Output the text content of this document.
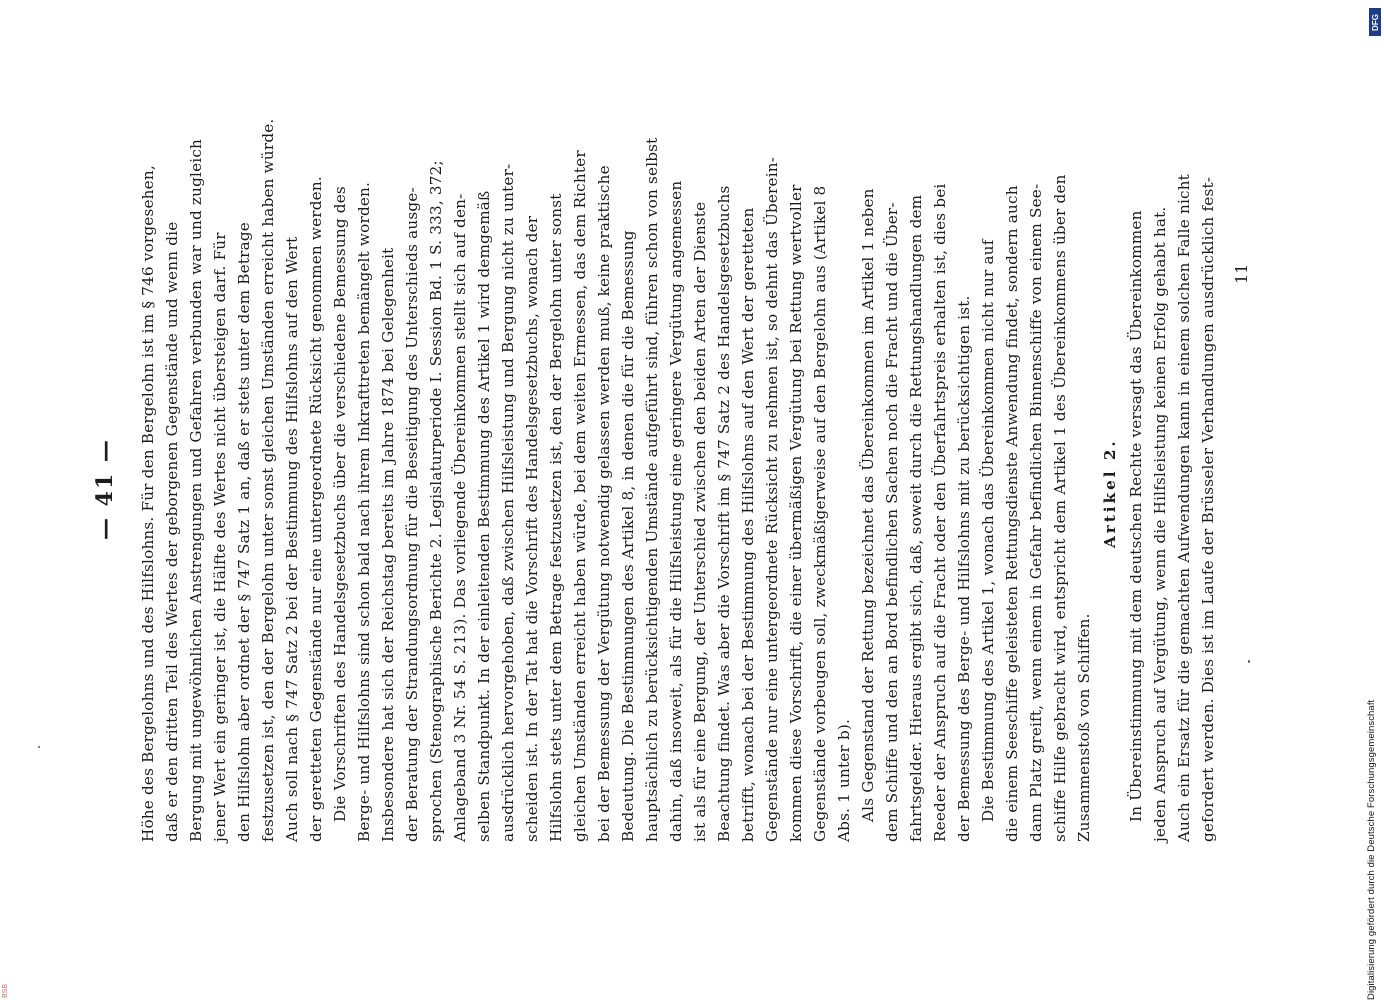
— 41 — Höhe des Bergelohns und des Hilfslohns. Für den Bergelohn ist im § 746 vorgesehen, daß er den dritten Teil des Wertes der geborgenen Gegenstände und wenn die Bergung mit ungewöhnlichen Anstrengungen und Gefahren verbunden war und zugleich jener Wert ein geringer ist, die Hälfte des Wertes nicht übersteigen darf. Für den Hilfslohn aber ordnet der § 747 Satz 1 an, daß er stets unter dem Betrage festzusetzen ist, den der Bergelohn unter sonst gleichen Umständen erreicht haben würde. Auch soll nach § 747 Satz 2 bei der Bestimmung des Hilfslohns auf den Wert der geretteten Gegenstände nur eine untergeordnete Rücksicht genommen werden. Die Vorschriften des Handelsgesetzbuchs über die verschiedene Bemessung des Berge- und Hilfslohns sind schon bald nach ihrem Inkrafttreten bemängelt worden. Insbesondere hat sich der Reichstag bereits im Jahre 1874 bei Gelegenheit der Beratung der Strandungsordnung für die Beseitigung des Unterschieds ausge- sprochen (Stenographische Berichte 2. Legislaturperiode I. Session Bd. 1 S. 333, 372; Anlageband 3 Nr. 54 S. 213). Das vorliegende Übereinkommen stellt sich auf den- selben Standpunkt. In der einleitenden Bestimmung des Artikel 1 wird demgemäß ausdrücklich hervorgehoben, daß zwischen Hilfsleistung und Bergung nicht zu unter- scheiden ist. In der Tat hat die Vorschrift des Handelsgesetzbuchs, wonach der Hilfslohn stets unter dem Betrage festzusetzen ist, den der Bergelohn unter sonst gleichen Umständen erreicht haben würde, bei dem weiten Ermessen, das dem Richter bei der Bemessung der Vergütung notwendig gelassen werden muß, keine praktische Bedeutung. Die Bestimmungen des Artikel 8, in denen die für die Bemessung hauptsächlich zu berücksichtigenden Umstände aufgeführt sind, führen schon von selbst dahin, daß insoweit, als für die Hilfsleistung eine geringere Vergütung angemessen ist als für eine Bergung, der Unterschied zwischen den beiden Arten der Dienste Beachtung findet. Was aber die Vorschrift im § 747 Satz 2 des Handelsgesetzbuchs betrifft, wonach bei der Bestimmung des Hilfslohns auf den Wert der geretteten Gegenstände nur eine untergeordnete Rücksicht zu nehmen ist, so dehnt das Überein- kommen diese Vorschrift, die einer übermäßigen Vergütung bei Rettung wertvoller Gegenstände vorbeugen soll, zweckmäßigerweise auf den Bergelohn aus (Artikel 8 Abs. 1 unter b). Als Gegenstand der Rettung bezeichnet das Übereinkommen im Artikel 1 neben dem Schiffe und den an Bord befindlichen Sachen noch die Fracht und die Über- fahrtsgelder. Hieraus ergibt sich, daß, soweit durch die Rettungshandlungen dem Reeder der Anspruch auf die Fracht oder den Überfahrtspreis erhalten ist, dies bei der Bemessung des Berge- und Hilfslohns mit zu berücksichtigen ist. Die Bestimmung des Artikel 1, wonach das Übereinkommen nicht nur auf die einem Seeschiffe geleisteten Rettungsdienste Anwendung findet, sondern auch dann Platz greift, wenn einem in Gefahr befindlichen Binnenschiffe von einem See- schiffe Hilfe gebracht wird, entspricht dem Artikel 1 des Übereinkommens über den Zusammenstoß von Schiffen.
Artikel 2. In Übereinstimmung mit dem deutschen Rechte versagt das Übereinkommen jeden Anspruch auf Vergütung, wenn die Hilfsleistung keinen Erfolg gehabt hat. Auch ein Ersatz für die gemachten Aufwendungen kann in einem solchen Falle nicht gefordert werden. Dies ist im Laufe der Brüsseler Verhandlungen ausdrücklich fest- 11
Digitalisierung gefördert durch die Deutsche Forschungsgemeinschaft
DFG
BSB
